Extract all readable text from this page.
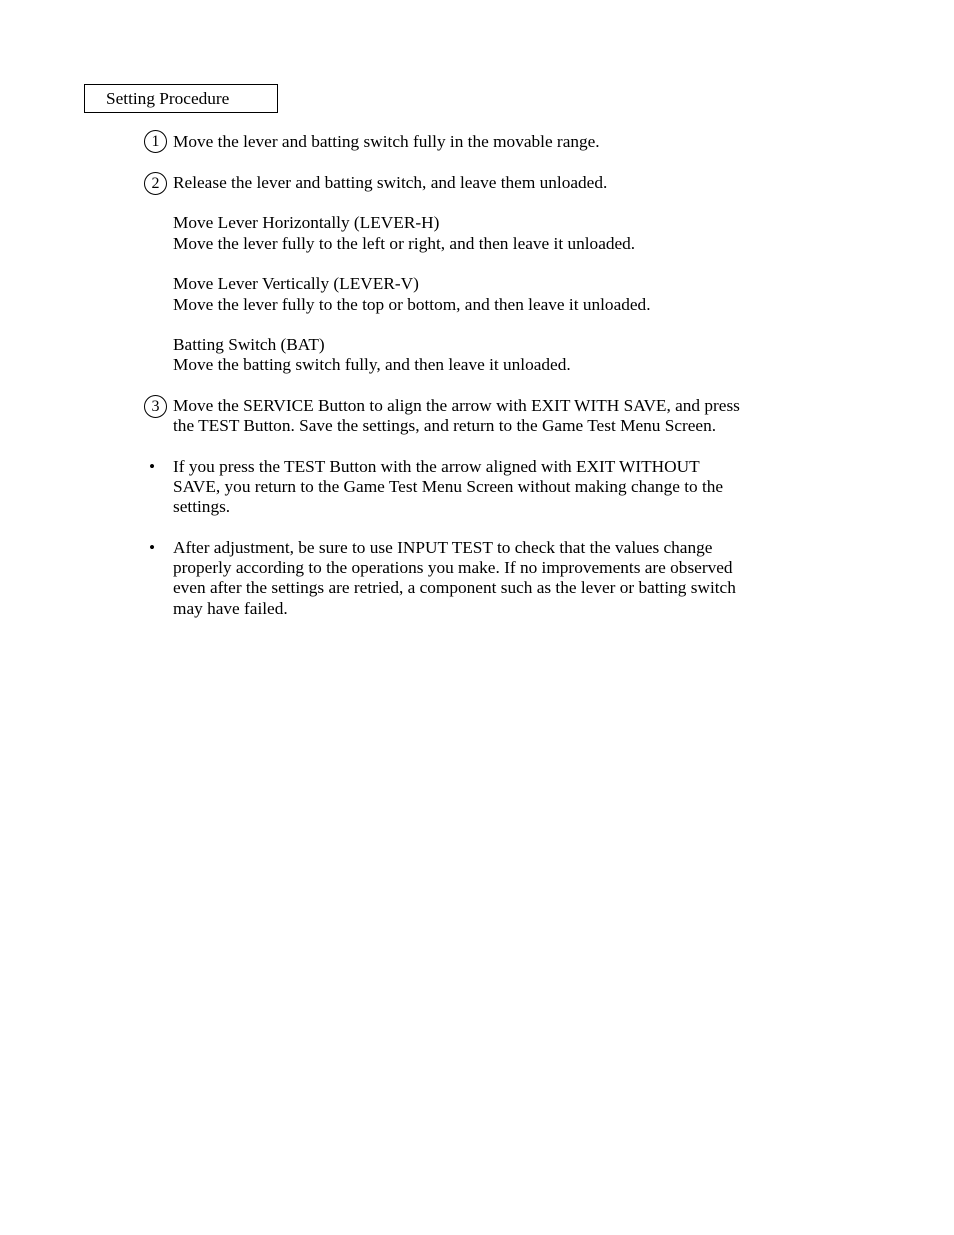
Setting Procedure
1 Move the lever and batting switch fully in the movable range.
2 Release the lever and batting switch, and leave them unloaded.
Move Lever Horizontally (LEVER-H)
Move the lever fully to the left or right, and then leave it unloaded.
Move Lever Vertically (LEVER-V)
Move the lever fully to the top or bottom, and then leave it unloaded.
Batting Switch (BAT)
Move the batting switch fully, and then leave it unloaded.
3 Move the SERVICE Button to align the arrow with EXIT WITH SAVE, and press
the TEST Button. Save the settings, and return to the Game Test Menu Screen.
• If you press the TEST Button with the arrow aligned with EXIT WITHOUT
SAVE, you return to the Game Test Menu Screen without making change to the
settings.
• After adjustment, be sure to use INPUT TEST to check that the values change
properly according to the operations you make. If no improvements are observed
even after the settings are retried, a component such as the lever or batting switch
may have failed.
